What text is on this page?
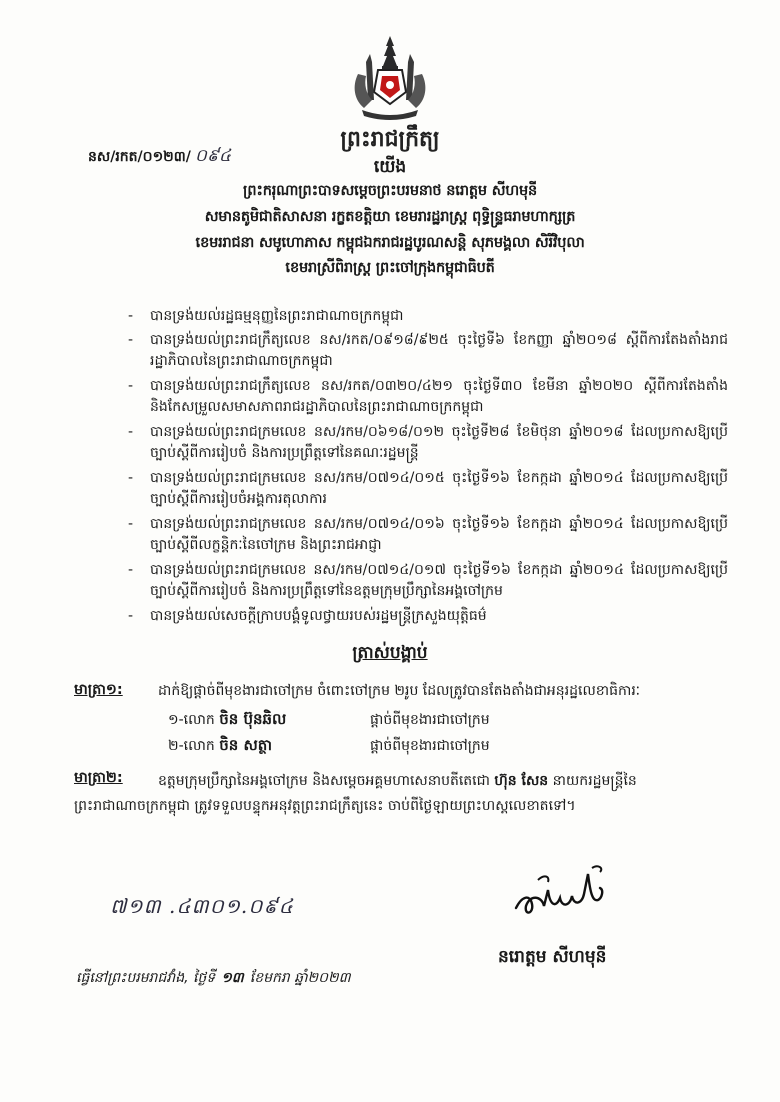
ព្រះរាជក្រឹត្យ
នស/រកត/០១២៣/ ០៩៤
យើង
ព្រះករុណាព្រះបាទសម្ដេចព្រះបរមនាថ នរោត្តម សីហមុនី
សមានតូមិជាតិសាសនា រក្ខតខត្តិយា ខេមរារដ្ឋរាស្ត្រ ពុទ្ធិន្ទ្រធរាមហាក្សត្រ
ខេមររាជនា សមូហោភាស កម្ពុជឯករាជរដ្ឋបូរណសន្តិ សុភមង្គលា សិរីវិបុលា
ខេមរាស្រីពិរាស្ត្រ ព្រះចៅក្រុងកម្ពុជាធិបតី
- បានទ្រង់យល់រដ្ឋធម្មនុញ្ញនៃព្រះរាជាណាចក្រកម្ពុជា
- បានទ្រង់យល់ព្រះរាជក្រឹត្យលេខ នស/រកត/០៩១៨/៩២៥ ចុះថ្ងៃទី៦ ខែកញ្ញា ឆ្នាំ២០១៨ ស្តីពីការតែងតាំងរាជរដ្ឋាភិបាលនៃព្រះរាជាណាចក្រកម្ពុជា
- បានទ្រង់យល់ព្រះរាជក្រឹត្យលេខ នស/រកត/០៣២០/៤២១ ចុះថ្ងៃទី៣០ ខែមីនា ឆ្នាំ២០២០ ស្តីពីការតែងតាំង និងកែសម្រួលសមាសភាពរាជរដ្ឋាភិបាលនៃព្រះរាជាណាចក្រកម្ពុជា
- បានទ្រង់យល់ព្រះរាជក្រមលេខ នស/រកម/០៦១៨/០១២ ចុះថ្ងៃទី២៨ ខែមិថុនា ឆ្នាំ២០១៨ ដែលប្រកាសឱ្យប្រើច្បាប់ស្តីពីការរៀបចំ និងការប្រព្រឹត្តទៅនៃគណៈរដ្ឋមន្ត្រី
- បានទ្រង់យល់ព្រះរាជក្រមលេខ នស/រកម/០៧១៤/០១៥ ចុះថ្ងៃទី១៦ ខែកក្កដា ឆ្នាំ២០១៤ ដែលប្រកាសឱ្យប្រើច្បាប់ស្តីពីការរៀបចំអង្គការតុលាការ
- បានទ្រង់យល់ព្រះរាជក្រមលេខ នស/រកម/០៧១៤/០១៦ ចុះថ្ងៃទី១៦ ខែកក្កដា ឆ្នាំ២០១៤ ដែលប្រកាសឱ្យប្រើច្បាប់ស្តីពីលក្ខន្តិកៈនៃចៅក្រម និងព្រះរាជអាជ្ញា
- បានទ្រង់យល់ព្រះរាជក្រមលេខ នស/រកម/០៧១៤/០១៧ ចុះថ្ងៃទី១៦ ខែកក្កដា ឆ្នាំ២០១៤ ដែលប្រកាសឱ្យប្រើច្បាប់ស្តីពីការរៀបចំ និងការប្រព្រឹត្តទៅនៃឧត្តមក្រុមប្រឹក្សានៃអង្គចៅក្រម
- បានទ្រង់យល់សេចក្តីក្រាបបង្គំទូលថ្វាយរបស់រដ្ឋមន្ត្រីក្រសួងយុត្តិធម៌
ត្រាស់បង្គាប់
មាត្រា១:	ដាក់ឱ្យផ្ដាច់ពីមុខងារជាចៅក្រម ចំពោះចៅក្រម ២រូប ដែលត្រូវបានតែងតាំងជាអនុរដ្ឋលេខាធិការៈ
១-លោក ចិន ប៊ុនឆិល	ផ្ដាច់ពីមុខងារជាចៅក្រម
២-លោក ចិន សត្ថា	ផ្ដាច់ពីមុខងារជាចៅក្រម
មាត្រា២:	ឧត្តមក្រុមប្រឹក្សានៃអង្គចៅក្រម និងសម្តេចអគ្គមហាសេនាបតីតេជោ ហ៊ុន សែន នាយករដ្ឋមន្ត្រីនៃ
ព្រះរាជាណាចក្រកម្ពុជា ត្រូវទទួលបន្ទុកអនុវត្តព្រះរាជក្រឹត្យនេះ ចាប់ពីថ្ងៃឡាយព្រះហស្តលេខាតទៅ។
៧១៣ .៤៣០១.០៩៤
នរោត្តម សីហមុនី
ធ្វើនៅព្រះបរមរាជវាំង, ថ្ងៃទី ១៣ ខែមករា ឆ្នាំ២០២៣
